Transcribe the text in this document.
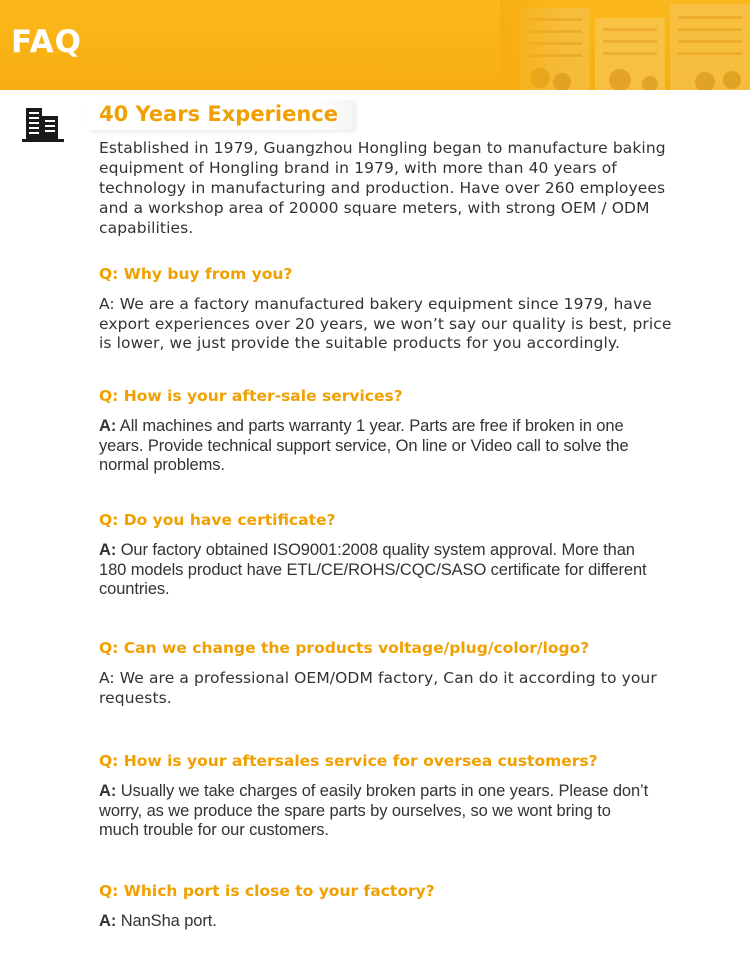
FAQ
40 Years Experience
Established in 1979, Guangzhou Hongling began to manufacture baking
equipment of Hongling brand in 1979, with more than 40 years of
technology in manufacturing and production. Have over 260 employees
and a workshop area of 20000 square meters, with strong OEM / ODM
capabilities.
Q: Why buy from you?
A: We are a factory manufactured bakery equipment since 1979, have
export experiences over 20 years, we won’t say our quality is best, price
is lower, we just provide the suitable products for you accordingly.
Q: How is your after-sale services?
A: All machines and parts warranty 1 year. Parts are free if broken in one
years. Provide technical support service, On line or Video call to solve the
normal problems.
Q: Do you have certificate?
A: Our factory obtained ISO9001:2008 quality system approval. More than
180 models product have ETL/CE/ROHS/CQC/SASO certificate for different
countries.
Q: Can we change the products voltage/plug/color/logo?
A: We are a professional OEM/ODM factory, Can do it according to your
requests.
Q: How is your aftersales service for oversea customers?
A: Usually we take charges of easily broken parts in one years. Please don’t
worry, as we produce the spare parts by ourselves, so we wont bring to
much trouble for our customers.
Q: Which port is close to your factory?
A: NanSha port.
